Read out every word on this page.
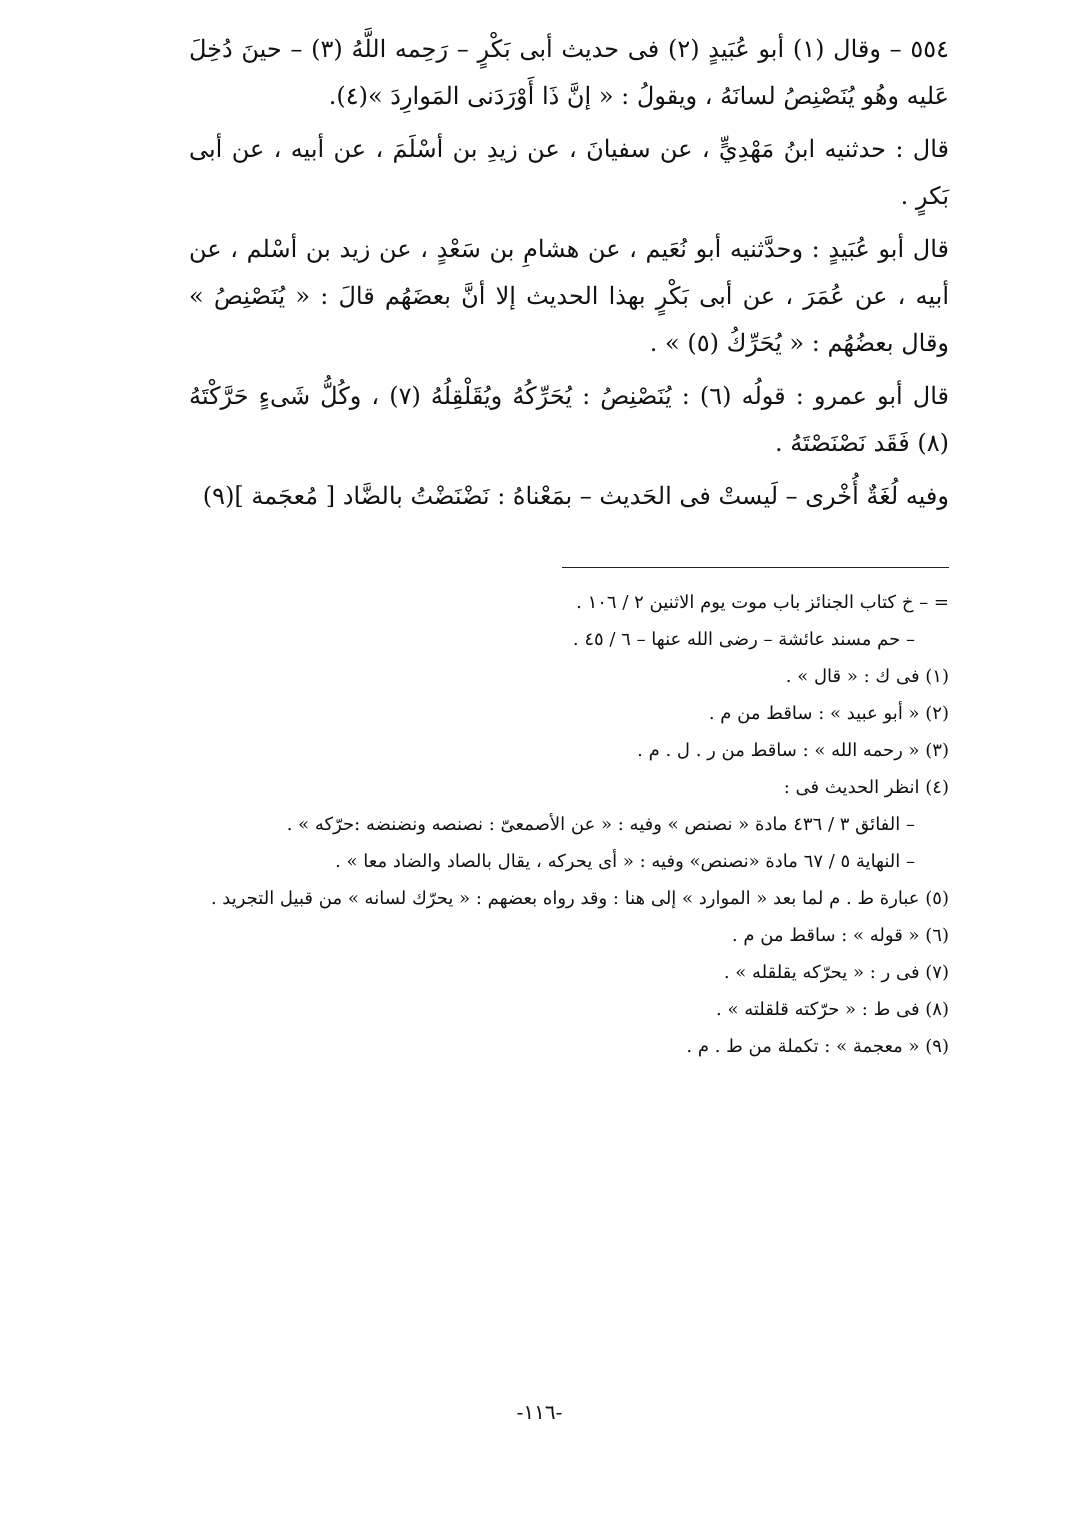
٥٥٤ – وقال (١) أبو عُبَيدٍ (٢) فى حديث أبى بَكْرٍ – رَحِمه اللَّهُ (٣) – حينَ دُخِلَ عَليه وهُو يُنَصْنِصُ لسانَهُ ، ويقولُ : « إنَّ ذَا أَوْرَدَنى المَوارِدَ »(٤).

قال : حدثنيه ابنُ مَهْدِيٍّ ، عن سفيانَ ، عن زيدِ بن أسْلَمَ ، عن أبيه ، عن أبى بَكرٍ .

قال أبو عُبَيدٍ : وحدَّثنيه أبو نُعَيم ، عن هشامِ بن سَعْدٍ ، عن زيد بن أسْلم ، عن أبيه ، عن عُمَرَ ، عن أبى بَكْرٍ بهذا الحديث إلا أنَّ بعضَهُم قالَ : « يُنَصْنِصُ » وقال بعضُهُم : « يُحَرِّكُ (٥) » .

قال أبو عمرو : قولُه (٦) : يُنَصْنِصُ : يُحَرِّكُهُ ويُقَلْقِلُهُ (٧) ، وكُلُّ شَىءٍ حَرَّكْتَهُ (٨) فَقَد نَصْنَصْتَهُ .

وفيه لُغَةٌ أُخْرى – لَيستْ فى الحَديث – بمَعْناهُ : نَضْنَضْتُ بالضَّاد [ مُعجَمة ](٩)

= – خ كتاب الجنائز باب موت يوم الاثنين ٢ / ١٠٦ .
– حم مسند عائشة – رضى الله عنها – ٦ / ٤٥ .
(١) فى ك : « قال » .
(٢) « أبو عبيد » : ساقط من م .
(٣) « رحمه الله » : ساقط من ر . ل . م .
(٤) انظر الحديث فى :
– الفائق ٣ / ٤٣٦ مادة « نصنص » وفيه : « عن الأصمعىّ : نصنصه ونضنضه :حرّكه » .
– النهاية ٥ / ٦٧ مادة «نصنص» وفيه : « أى يحركه ، يقال بالصاد والضاد معا » .
(٥) عبارة ط . م لما بعد « الموارد » إلى هنا : وقد رواه بعضهم : « يحرّك لسانه » من قبيل التجريد .
(٦) « قوله » : ساقط من م .
(٧) فى ر : « يحرّكه يقلقله » .
(٨) فى ط : « حرّكته قلقلته » .
(٩) « معجمة » : تكملة من ط . م .
-١١٦-
